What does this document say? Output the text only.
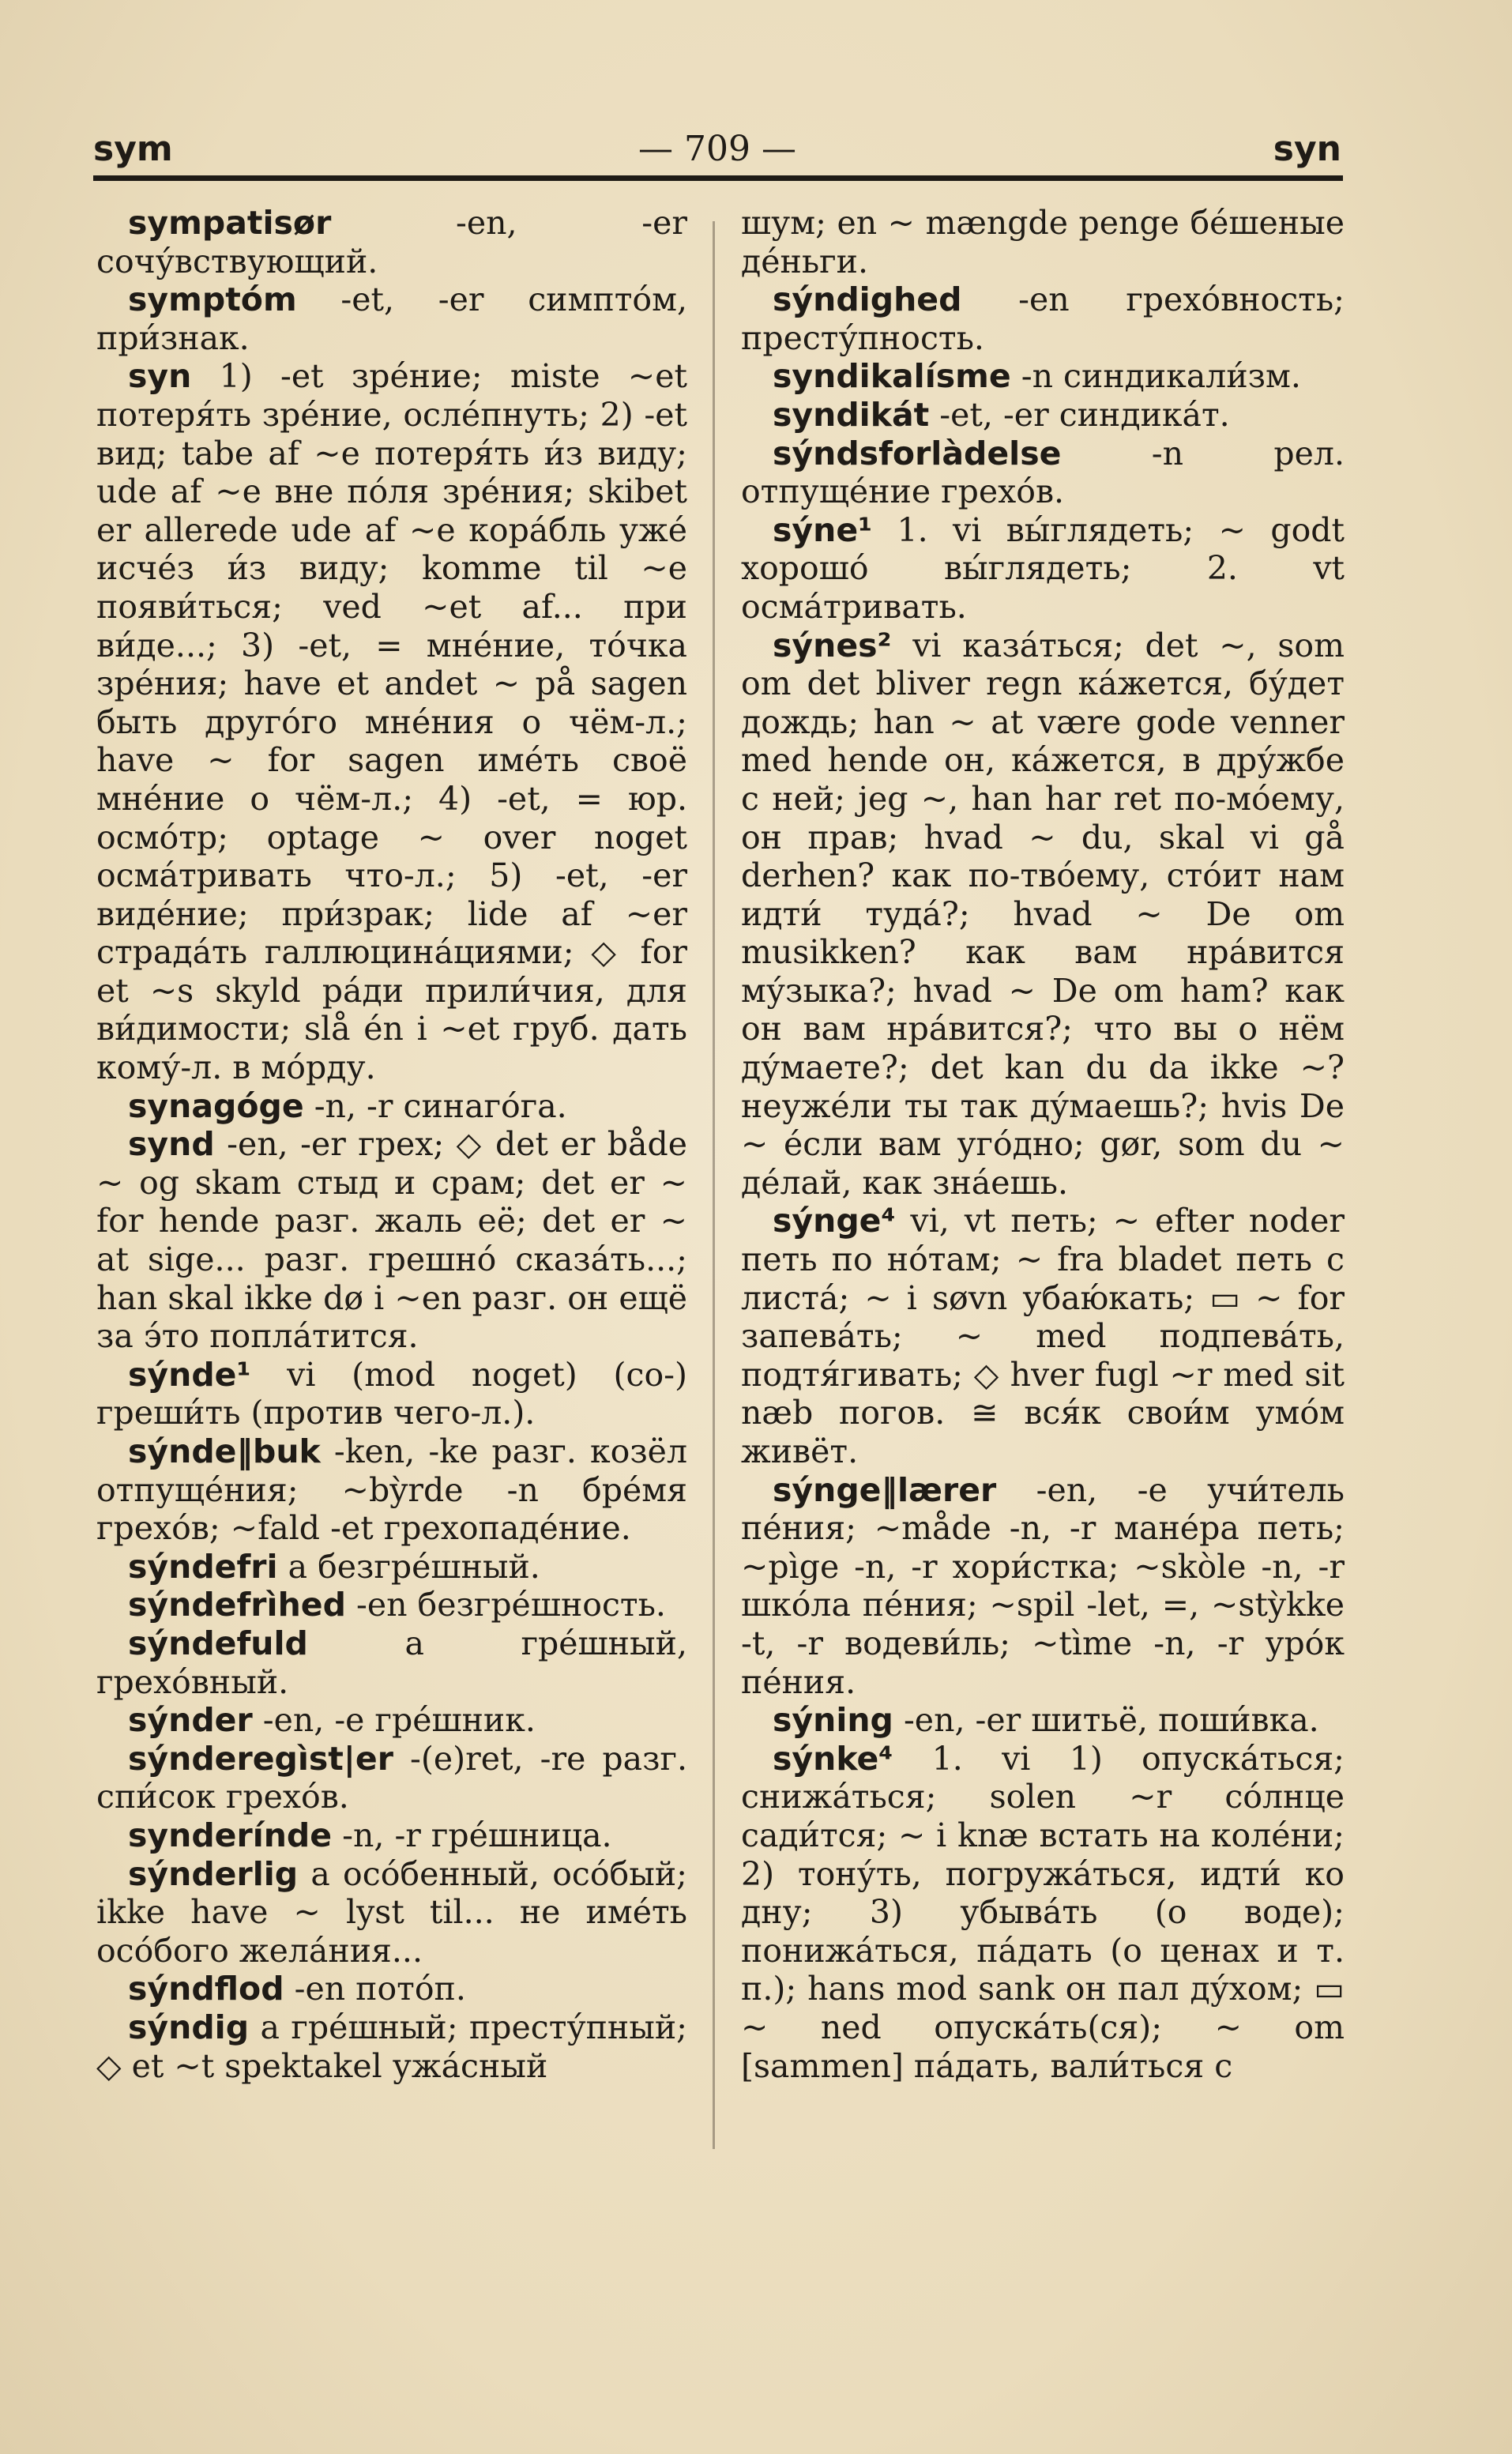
sym	— 709 —	syn

sympatisør -en, -er сочу́вствующий.

symptóm -et, -er симпто́м, при́знак.

syn 1) -et зре́ние; miste ~et потеря́ть зре́ние, осле́пнуть; 2) -et вид; tabe af ~e потеря́ть и́з виду; ude af ~e вне по́ля зре́ния; skibet er allerede ude af ~e кора́бль уже́ исче́з и́з виду; komme til ~e появи́ться; ved ~et af... при ви́де...; 3) -et, = мне́ние, то́чка зре́ния; have et andet ~ på sagen быть друго́го мне́ния о чём-л.; have ~ for sagen име́ть своё мне́ние о чём-л.; 4) -et, = юр. осмо́тр; optage ~ over noget осма́тривать что-л.; 5) -et, -er виде́ние; при́зрак; lide af ~er страда́ть галлюцина́циями; ◇ for et ~s skyld ра́ди прили́чия, для ви́димости; slå én i ~et груб. дать кому́-л. в мо́рду.

synagóge -n, -r синаго́га.

synd -en, -er грех; ◇ det er både ~ og skam стыд и срам; det er ~ for hende разг. жаль её; det er ~ at sige... разг. грешно́ сказа́ть...; han skal ikke dø i ~en разг. он ещё за э́то попла́тится.

sýnde¹ vi (mod noget) (со-) греши́ть (против чего-л.).

sýnde‖buk -ken, -ke разг. козёл отпуще́ния; ~bỳrde -n бре́мя грехо́в; ~fald -et грехопаде́ние.

sýndefri a безгре́шный.

sýndefrìhed -en безгре́шность.

sýndefuld a гре́шный, грехо́вный.

sýnder -en, -e гре́шник.

sýnderegìst|er -(e)ret, -re разг. спи́сок грехо́в.

synderínde -n, -r гре́шница.

sýnderlig a осо́бенный, осо́бый; ikke have ~ lyst til... не име́ть осо́бого жела́ния...

sýndflod -en пото́п.

sýndig a гре́шный; престу́пный; ◇ et ~t spektakel ужа́сный

шум; en ~ mængde penge бе́шеные де́ньги.

sýndighed -en грехо́вность; престу́пность.

syndikalísme -n синдикали́зм.

syndikát -et, -er синдика́т.

sýndsforlàdelse -n рел. отпуще́ние грехо́в.

sýne¹ 1. vi вы́глядеть; ~ godt хорошо́ вы́глядеть; 2. vt осма́тривать.

sýnes² vi каза́ться; det ~, som om det bliver regn ка́жется, бу́дет дождь; han ~ at være gode venner med hende он, ка́жется, в дру́жбе с ней; jeg ~, han har ret по-мо́ему, он прав; hvad ~ du, skal vi gå derhen? как по-тво́ему, сто́ит нам идти́ туда́?; hvad ~ De om musikken? как вам нра́вится му́зыка?; hvad ~ De om ham? как он вам нра́вится?; что вы о нём ду́маете?; det kan du da ikke ~? неуже́ли ты так ду́маешь?; hvis De ~ е́сли вам уго́дно; gør, som du ~ де́лай, как зна́ешь.

sýnge⁴ vi, vt петь; ~ efter noder петь по но́там; ~ fra bladet петь с листа́; ~ i søvn убаю́кать; ▭ ~ for запева́ть; ~ med подпева́ть, подтя́гивать; ◇ hver fugl ~r med sit næb погов. ≅ вся́к свои́м умо́м живёт.

sýnge‖lærer -en, -e учи́тель пе́ния; ~måde -n, -r мане́ра петь; ~pìge -n, -r хори́стка; ~skòle -n, -r шко́ла пе́ния; ~spil -let, =, ~stỳkke -t, -r водеви́ль; ~tìme -n, -r уро́к пе́ния.

sýning -en, -er шитьё, поши́вка.

sýnke⁴ 1. vi 1) опуска́ться; снижа́ться; solen ~r со́лнце сади́тся; ~ i knæ встать на коле́ни; 2) тону́ть, погружа́ться, идти́ ко дну; 3) убыва́ть (о воде); понижа́ться, па́дать (о ценах и т. п.); hans mod sank он пал ду́хом; ▭ ~ ned опуска́ть(ся); ~ om [sammen] па́дать, вали́ться с
